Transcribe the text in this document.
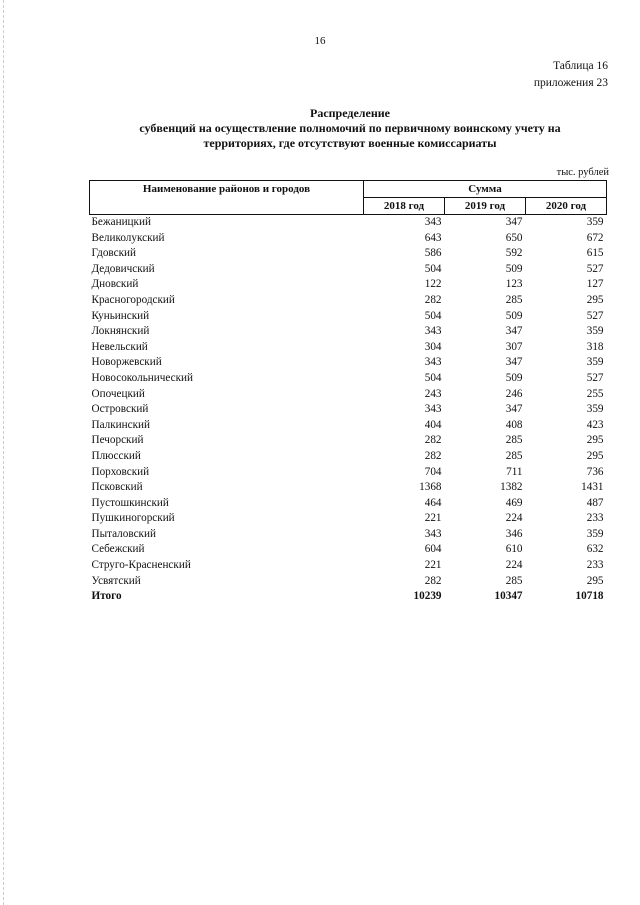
16
Таблица 16
приложения 23
Распределение
субвенций на осуществление полномочий по первичному воинскому учету на
территориях, где отсутствуют военные комиссариаты
тыс. рублей
Наименование районов и городов	Сумма		
	2018 год	2019 год	2020 год
Бежаницкий	343	347	359
Великолукский	643	650	672
Гдовский	586	592	615
Дедовичский	504	509	527
Дновский	122	123	127
Красногородский	282	285	295
Куньинский	504	509	527
Локнянский	343	347	359
Невельский	304	307	318
Новоржевский	343	347	359
Новосокольнический	504	509	527
Опочецкий	243	246	255
Островский	343	347	359
Палкинский	404	408	423
Печорский	282	285	295
Плюсский	282	285	295
Порховский	704	711	736
Псковский	1368	1382	1431
Пустошкинский	464	469	487
Пушкиногорский	221	224	233
Пыталовский	343	346	359
Себежский	604	610	632
Струго-Красненский	221	224	233
Усвятский	282	285	295
Итого	10239	10347	10718
